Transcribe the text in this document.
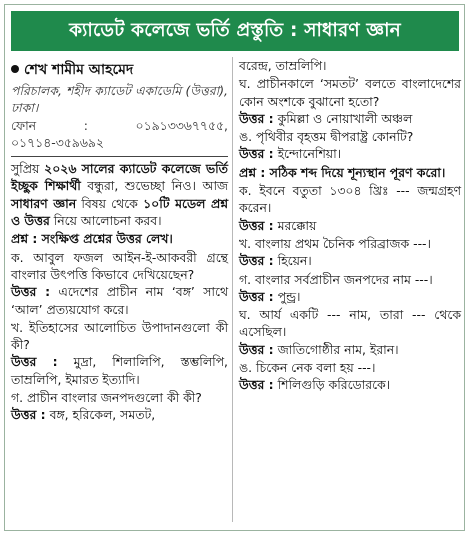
ক্যাডেট কলেজে ভর্তি প্রস্তুতি : সাধারণ জ্ঞান
শেখ শামীম আহমেদ

পরিচালক, শহীদ ক্যাডেট একাডেমি (উত্তরা), ঢাকা।

ফোন : ০১৯১৩৩৬৭৭৫৫, ০১৭১৪-৩৫৯৬৯২

সুপ্রিয় ২০২৬ সালের ক্যাডেট কলেজে ভর্তি ইচ্ছুক শিক্ষার্থী বন্ধুরা, শুভেচ্ছা নিও। আজ সাধারণ জ্ঞান বিষয় থেকে ১০টি মডেল প্রশ্ন ও উত্তর নিয়ে আলোচনা করব।

প্রশ্ন : সংক্ষিপ্ত প্রশ্নের উত্তর লেখ।

ক. আবুল ফজল আইন-ই-আকবরী গ্রন্থে বাংলার উৎপত্তি কিভাবে দেখিয়েছেন?

উত্তর : এদেশের প্রাচীন নাম ‘বঙ্গ’ সাথে ‘আল’ প্রত্যয়যোগ করে।

খ. ইতিহাসের আলোচিত উপাদানগুলো কী কী?

উত্তর : মুদ্রা, শিলালিপি, স্তম্ভলিপি, তাম্রলিপি, ইমারত ইত্যাদি।

গ. প্রাচীন বাংলার জনপদগুলো কী কী?

উত্তর : বঙ্গ, হরিকেল, সমতট,

বরেন্দ্র, তাম্রলিপি।

ঘ. প্রাচীনকালে ‘সমতট’ বলতে বাংলাদেশের কোন অংশকে বুঝানো হতো?

উত্তর : কুমিল্লা ও নোয়াখালী অঞ্চল

ঙ. পৃথিবীর বৃহত্তম দ্বীপরাষ্ট্র কোনটি?

উত্তর : ইন্দোনেশিয়া।

প্রশ্ন : সঠিক শব্দ দিয়ে শূন্যস্থান পূরণ করো।

ক. ইবনে বতুতা ১৩০৪ খ্রিঃ --- জন্মগ্রহণ করেন।

উত্তর : মরক্কোয়

খ. বাংলায় প্রথম চৈনিক পরিব্রাজক ---।

উত্তর : হিয়েন।

গ. বাংলার সর্বপ্রাচীন জনপদের নাম ---।

উত্তর : পুন্ড্র।

ঘ. আর্য একটি --- নাম, তারা --- থেকে এসেছিল।

উত্তর : জাতিগোষ্ঠীর নাম, ইরান।

ঙ. চিকেন নেক বলা হয় ---।

উত্তর : শিলিগুড়ি করিডোরকে।
